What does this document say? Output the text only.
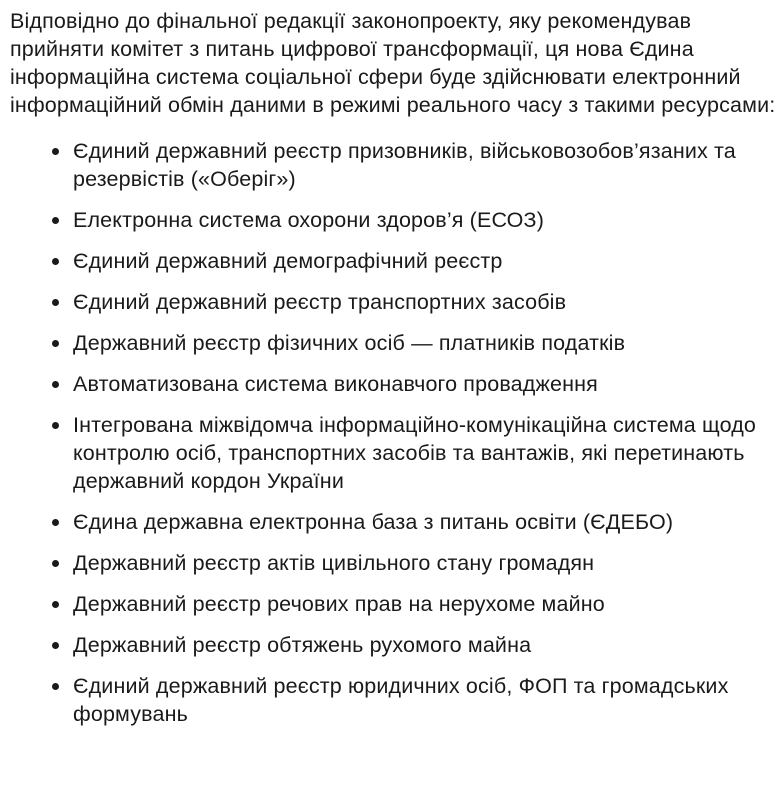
Відповідно до фінальної редакції законопроекту, яку рекомендував прийняти комітет з питань цифрової трансформації, ця нова Єдина інформаційна система соціальної сфери буде здійснювати електронний інформаційний обмін даними в режимі реального часу з такими ресурсами:

Єдиний державний реєстр призовників, військовозобов’язаних та резервістів («Оберіг»)
Електронна система охорони здоров’я (ЕСОЗ)
Єдиний державний демографічний реєстр
Єдиний державний реєстр транспортних засобів
Державний реєстр фізичних осіб — платників податків
Автоматизована система виконавчого провадження
Інтегрована міжвідомча інформаційно-комунікаційна система щодо контролю осіб, транспортних засобів та вантажів, які перетинають державний кордон України
Єдина державна електронна база з питань освіти (ЄДЕБО)
Державний реєстр актів цивільного стану громадян
Державний реєстр речових прав на нерухоме майно
Державний реєстр обтяжень рухомого майна
Єдиний державний реєстр юридичних осіб, ФОП та громадських формувань
